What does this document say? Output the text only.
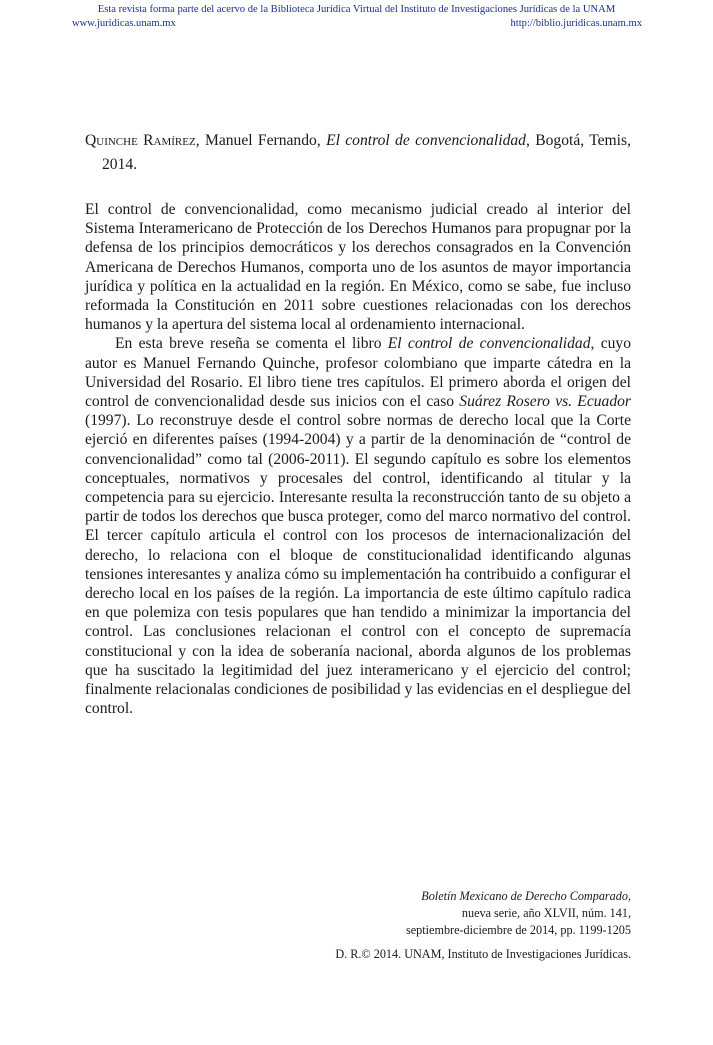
Esta revista forma parte del acervo de la Biblioteca Jurídica Virtual del Instituto de Investigaciones Jurídicas de la UNAM
www.juridicas.unam.mx	http://biblio.juridicas.unam.mx

Quinche Ramírez, Manuel Fernando, El control de convencionalidad, Bogotá, Temis, 2014.

El control de convencionalidad, como mecanismo judicial creado al interior del Sistema Interamericano de Protección de los Derechos Humanos para propugnar por la defensa de los principios democráticos y los derechos consagrados en la Convención Americana de Derechos Humanos, comporta uno de los asuntos de mayor importancia jurídica y política en la actualidad en la región. En México, como se sabe, fue incluso reformada la Constitución en 2011 sobre cuestiones relacionadas con los derechos humanos y la apertura del sistema local al ordenamiento internacional.

En esta breve reseña se comenta el libro El control de convencionalidad, cuyo autor es Manuel Fernando Quinche, profesor colombiano que imparte cátedra en la Universidad del Rosario. El libro tiene tres capítulos. El primero aborda el origen del control de convencionalidad desde sus inicios con el caso Suárez Rosero vs. Ecuador (1997). Lo reconstruye desde el control sobre normas de derecho local que la Corte ejerció en diferentes países (1994-2004) y a partir de la denominación de “control de convencionalidad” como tal (2006-2011). El segundo capítulo es sobre los elementos conceptuales, normativos y procesales del control, identificando al titular y la competencia para su ejercicio. Interesante resulta la reconstrucción tanto de su objeto a partir de todos los derechos que busca proteger, como del marco normativo del control. El tercer capítulo articula el control con los procesos de internacionalización del derecho, lo relaciona con el bloque de constitucionalidad identificando algunas tensiones interesantes y analiza cómo su implementación ha contribuido a configurar el derecho local en los países de la región. La importancia de este último capítulo radica en que polemiza con tesis populares que han tendido a minimizar la importancia del control. Las conclusiones relacionan el control con el concepto de supremacía constitucional y con la idea de soberanía nacional, aborda algunos de los problemas que ha suscitado la legitimidad del juez interamericano y el ejercicio del control; finalmente relacionalas condiciones de posibilidad y las evidencias en el despliegue del control.

Boletín Mexicano de Derecho Comparado,
nueva serie, año XLVII, núm. 141,
septiembre-diciembre de 2014, pp. 1199-1205
D. R.© 2014. UNAM, Instituto de Investigaciones Jurídicas.
